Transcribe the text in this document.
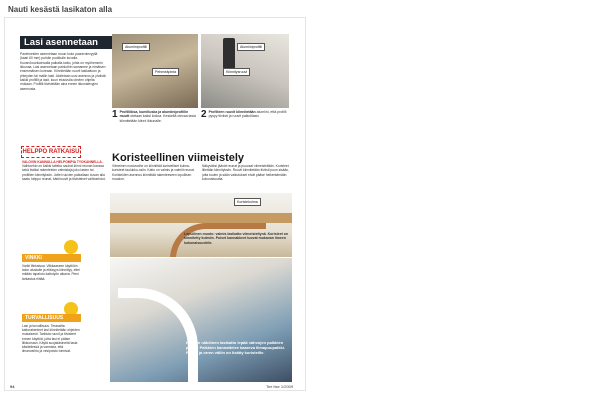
Nauti kesästä lasikaton alla
Lasi asennetaan
Pavelmeiden asennetaan muun koko paarerolevyyllä (kaari 60 mm) puhdin puolikulle kuvalla. Kuvan/koonkainvalla paikalla katto, johta on myöhemmin ikkunaa. Lasi asennetaan pahkoihin samamee ja nimäisen ensimmäisen koreaan. Kiinnitetään ruuvit lasikattoon ja yhteyden tai mallin lasit. Aloitetaan uusi asennus ja yhdistä kaikki profiilit ja lasit, kuun etusivulla olevien ohjeita mukaan. Profiilit tiivistetään aina ennen ikkunalevyjen asennusta.
Alumiiniprofiili
Pehmeäpinta
Alumiiniprofiili
Kiinnitysruuvi
1 Profiilikisa, kumiliuska ja alumiiniprofiilin muutt otetaan kaksi kokoa. Keskellä olevaa lasia kiinnitetään kiinni ikkunalle.
2 Profiileen ruuvit kiinnitetään alumiini, että profiili pysyy tiiviisti ja ruuvit paikoillaan.
HELPPO RATKAISU
VALOVIN KANNULLA HELPOMPIA TYÖKANNELLA. Vaihtoehto on kaikki taiteka nauhat kiinni reunan kanssa sekä lisäksi rakenteiden valmistaja joko lasien tai profiilien kiinnityksiin. Jottei ruuvien paikallaan kuvan alla saatu helppo reunat, kärkiruuvit ja tiivisteiset vaihtoehdot.
VINKKI
Varikl lfiekaisua. Vilkkaaseen käyttöön talon alustalle ja etäisyys kiinnittyy, ettei mitään tapahdu kattotyön aikana. Pieni tarkastus riittää.
TURVALLISUUS
Lasi ja turvallisuus. Terassilta kattorakenteet lasi kiinnitetään ohjeiden mukaisesti. Tarkista ruuvit ja tiivisteet ennen käyttöä, jotta lasi ei pääse liikkumaan. Käytä suojakäsineitä lasia käsitellessä ja varmista, että ilmanvaihto ja vesipoisto toimivat.
Koristeellinen viimeistely
Viimeinen nostovaihe on kiinnittää koristelliset kulma-koristeet taulukko-osiin. Katto on valmis ja valmiit reunat. Koristeiden asennus kiinnittää rakenteeseen lopullisen muodon.
Näkyväksi jäävät reunat ja puuosat viimeistellään. Koristeet liitetään kiinnityksiin. Ruuvit kiinnitetään tiiviisti puun sisään, jotta tuulen ja sään vaikutukset eivät pääse heikentämään kokonaisuutta.
Koristekulma
Lopullinen muoto: valmis lasikatto viimeisteltynä. Koristeet on kiinnitetty kulmiin. Puiset kannakkeet tuovat mukavan ilmeen kokonaisuudelle.
Kevyen näköinen lasikatto lepää vahvojen palkkien päällä. Palkkien kannattelee kaareva liimapuupalkki. Palkin ja orren väliin on lisätty koristeille.
94	Tee itse 1/2009
